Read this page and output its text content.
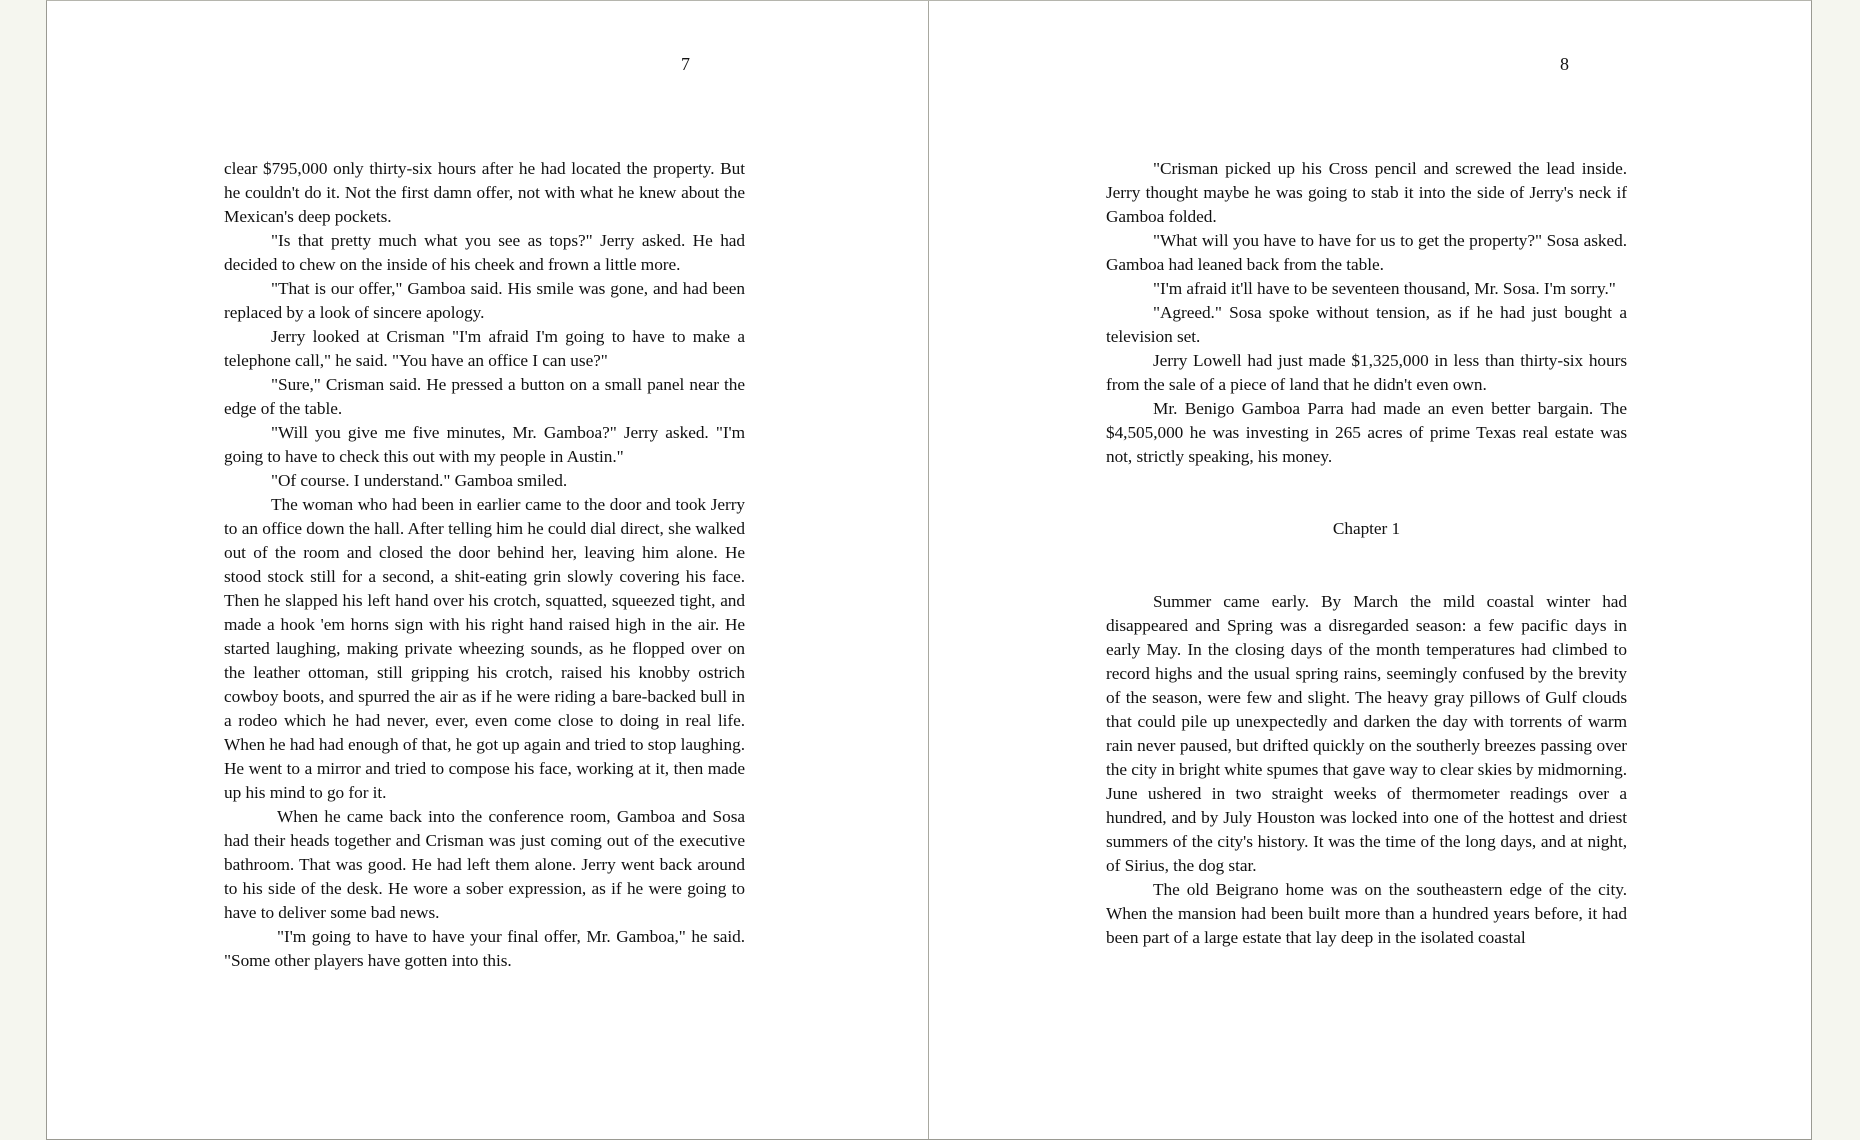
7

clear $795,000 only thirty-six hours after he had located the property. But he couldn't do it. Not the first damn offer, not with what he knew about the Mexican's deep pockets.

"Is that pretty much what you see as tops?" Jerry asked. He had decided to chew on the inside of his cheek and frown a little more.

"That is our offer," Gamboa said. His smile was gone, and had been replaced by a look of sincere apology.

Jerry looked at Crisman "I'm afraid I'm going to have to make a telephone call," he said. "You have an office I can use?"

"Sure," Crisman said. He pressed a button on a small panel near the edge of the table.

"Will you give me five minutes, Mr. Gamboa?" Jerry asked. "I'm going to have to check this out with my people in Austin."

"Of course. I understand." Gamboa smiled.

The woman who had been in earlier came to the door and took Jerry to an office down the hall. After telling him he could dial direct, she walked out of the room and closed the door behind her, leaving him alone. He stood stock still for a second, a shit-eating grin slowly covering his face. Then he slapped his left hand over his crotch, squatted, squeezed tight, and made a hook 'em horns sign with his right hand raised high in the air. He started laughing, making private wheezing sounds, as he flopped over on the leather ottoman, still gripping his crotch, raised his knobby ostrich cowboy boots, and spurred the air as if he were riding a bare-backed bull in a rodeo which he had never, ever, even come close to doing in real life. When he had had enough of that, he got up again and tried to stop laughing. He went to a mirror and tried to compose his face, working at it, then made up his mind to go for it.

When he came back into the conference room, Gamboa and Sosa had their heads together and Crisman was just coming out of the executive bathroom. That was good. He had left them alone. Jerry went back around to his side of the desk. He wore a sober expression, as if he were going to have to deliver some bad news.

"I'm going to have to have your final offer, Mr. Gamboa," he said. "Some other players have gotten into this.

8

"Crisman picked up his Cross pencil and screwed the lead inside. Jerry thought maybe he was going to stab it into the side of Jerry's neck if Gamboa folded.

"What will you have to have for us to get the property?" Sosa asked. Gamboa had leaned back from the table.

"I'm afraid it'll have to be seventeen thousand, Mr. Sosa. I'm sorry."

"Agreed." Sosa spoke without tension, as if he had just bought a television set.

Jerry Lowell had just made $1,325,000 in less than thirty-six hours from the sale of a piece of land that he didn't even own.

Mr. Benigo Gamboa Parra had made an even better bargain. The $4,505,000 he was investing in 265 acres of prime Texas real estate was not, strictly speaking, his money.

Chapter 1

Summer came early. By March the mild coastal winter had disappeared and Spring was a disregarded season: a few pacific days in early May. In the closing days of the month temperatures had climbed to record highs and the usual spring rains, seemingly confused by the brevity of the season, were few and slight. The heavy gray pillows of Gulf clouds that could pile up unexpectedly and darken the day with torrents of warm rain never paused, but drifted quickly on the southerly breezes passing over the city in bright white spumes that gave way to clear skies by midmorning. June ushered in two straight weeks of thermometer readings over a hundred, and by July Houston was locked into one of the hottest and driest summers of the city's history. It was the time of the long days, and at night, of Sirius, the dog star.

The old Beigrano home was on the southeastern edge of the city. When the mansion had been built more than a hundred years before, it had been part of a large estate that lay deep in the isolated coastal
